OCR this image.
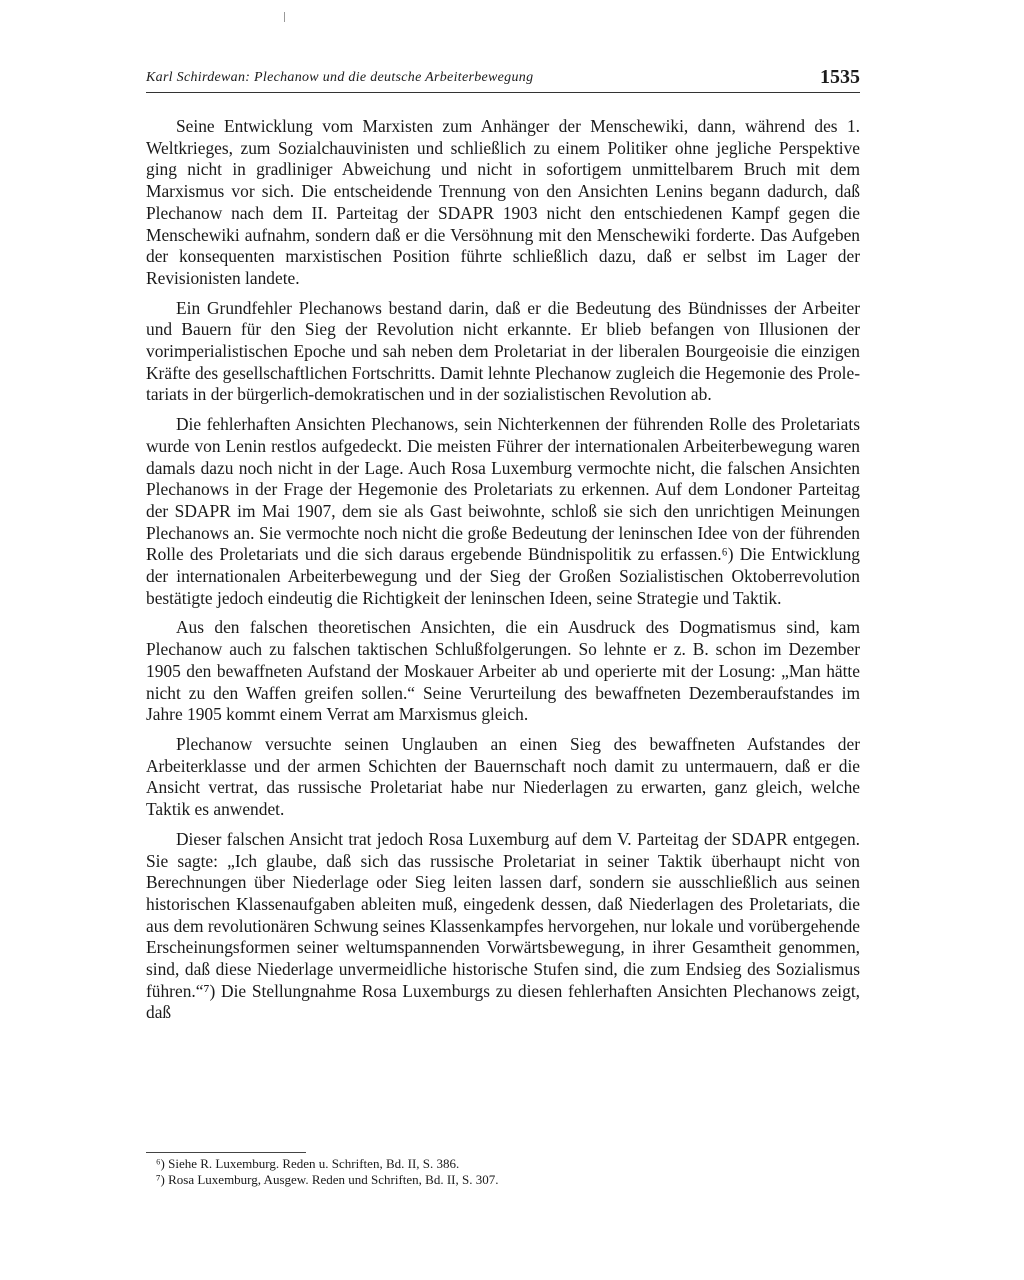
Karl Schirdewan: Plechanow und die deutsche Arbeiterbewegung	1535

Seine Entwicklung vom Marxisten zum Anhänger der Menschewiki, dann, während des 1. Weltkrieges, zum Sozialchauvinisten und schließlich zu einem Politiker ohne jegliche Perspektive ging nicht in gradliniger Abweichung und nicht in sofortigem unmittelbarem Bruch mit dem Marxismus vor sich. Die entscheidende Trennung von den Ansichten Lenins begann dadurch, daß Plechanow nach dem II. Parteitag der SDAPR 1903 nicht den entschiedenen Kampf gegen die Menschewiki aufnahm, sondern daß er die Versöhnung mit den Menschewiki forderte. Das Aufgeben der konsequenten marxistischen Position führte schließlich dazu, daß er selbst im Lager der Revisionisten landete.

Ein Grundfehler Plechanows bestand darin, daß er die Bedeutung des Bündnisses der Arbeiter und Bauern für den Sieg der Revolution nicht erkannte. Er blieb befangen von Illusionen der vorimperialistischen Epoche und sah neben dem Proletariat in der liberalen Bourgeoisie die einzigen Kräfte des gesellschaftlichen Fortschritts. Damit lehnte Plechanow zugleich die Hegemonie des Proletariats in der bürgerlich-demokratischen und in der sozialistischen Revolution ab.

Die fehlerhaften Ansichten Plechanows, sein Nichterkennen der führenden Rolle des Proletariats wurde von Lenin restlos aufgedeckt. Die meisten Führer der internationalen Arbeiterbewegung waren damals dazu noch nicht in der Lage. Auch Rosa Luxemburg vermochte nicht, die falschen Ansichten Plechanows in der Frage der Hegemonie des Proletariats zu erkennen. Auf dem Londoner Parteitag der SDAPR im Mai 1907, dem sie als Gast beiwohnte, schloß sie sich den unrichtigen Meinungen Plechanows an. Sie vermochte noch nicht die große Bedeutung der leninschen Idee von der führenden Rolle des Proletariats und die sich daraus ergebende Bündnispolitik zu erfassen.⁶) Die Entwicklung der internationalen Arbeiterbewegung und der Sieg der Großen Sozialistischen Oktoberrevolution bestätigte jedoch eindeutig die Richtigkeit der leninschen Ideen, seine Strategie und Taktik.

Aus den falschen theoretischen Ansichten, die ein Ausdruck des Dogmatismus sind, kam Plechanow auch zu falschen taktischen Schlußfolgerungen. So lehnte er z. B. schon im Dezember 1905 den bewaffneten Aufstand der Moskauer Arbeiter ab und operierte mit der Losung: „Man hätte nicht zu den Waffen greifen sollen.“ Seine Verurteilung des bewaffneten Dezemberaufstandes im Jahre 1905 kommt einem Verrat am Marxismus gleich.

Plechanow versuchte seinen Unglauben an einen Sieg des bewaffneten Aufstandes der Arbeiterklasse und der armen Schichten der Bauernschaft noch damit zu untermauern, daß er die Ansicht vertrat, das russische Proletariat habe nur Niederlagen zu erwarten, ganz gleich, welche Taktik es anwendet.

Dieser falschen Ansicht trat jedoch Rosa Luxemburg auf dem V. Parteitag der SDAPR entgegen. Sie sagte: „Ich glaube, daß sich das russische Proletariat in seiner Taktik überhaupt nicht von Berechnungen über Niederlage oder Sieg leiten lassen darf, sondern sie ausschließlich aus seinen historischen Klassenaufgaben ableiten muß, eingedenk dessen, daß Niederlagen des Proletariats, die aus dem revolutionären Schwung seines Klassenkampfes hervorgehen, nur lokale und vorübergehende Erscheinungsformen seiner weltumspannenden Vorwärtsbewegung, in ihrer Gesamtheit genommen, sind, daß diese Niederlage unvermeidliche historische Stufen sind, die zum Endsieg des Sozialismus führen.“⁷) Die Stellungnahme Rosa Luxemburgs zu diesen fehlerhaften Ansichten Plechanows zeigt, daß

⁶) Siehe R. Luxemburg. Reden u. Schriften, Bd. II, S. 386.
⁷) Rosa Luxemburg, Ausgew. Reden und Schriften, Bd. II, S. 307.
